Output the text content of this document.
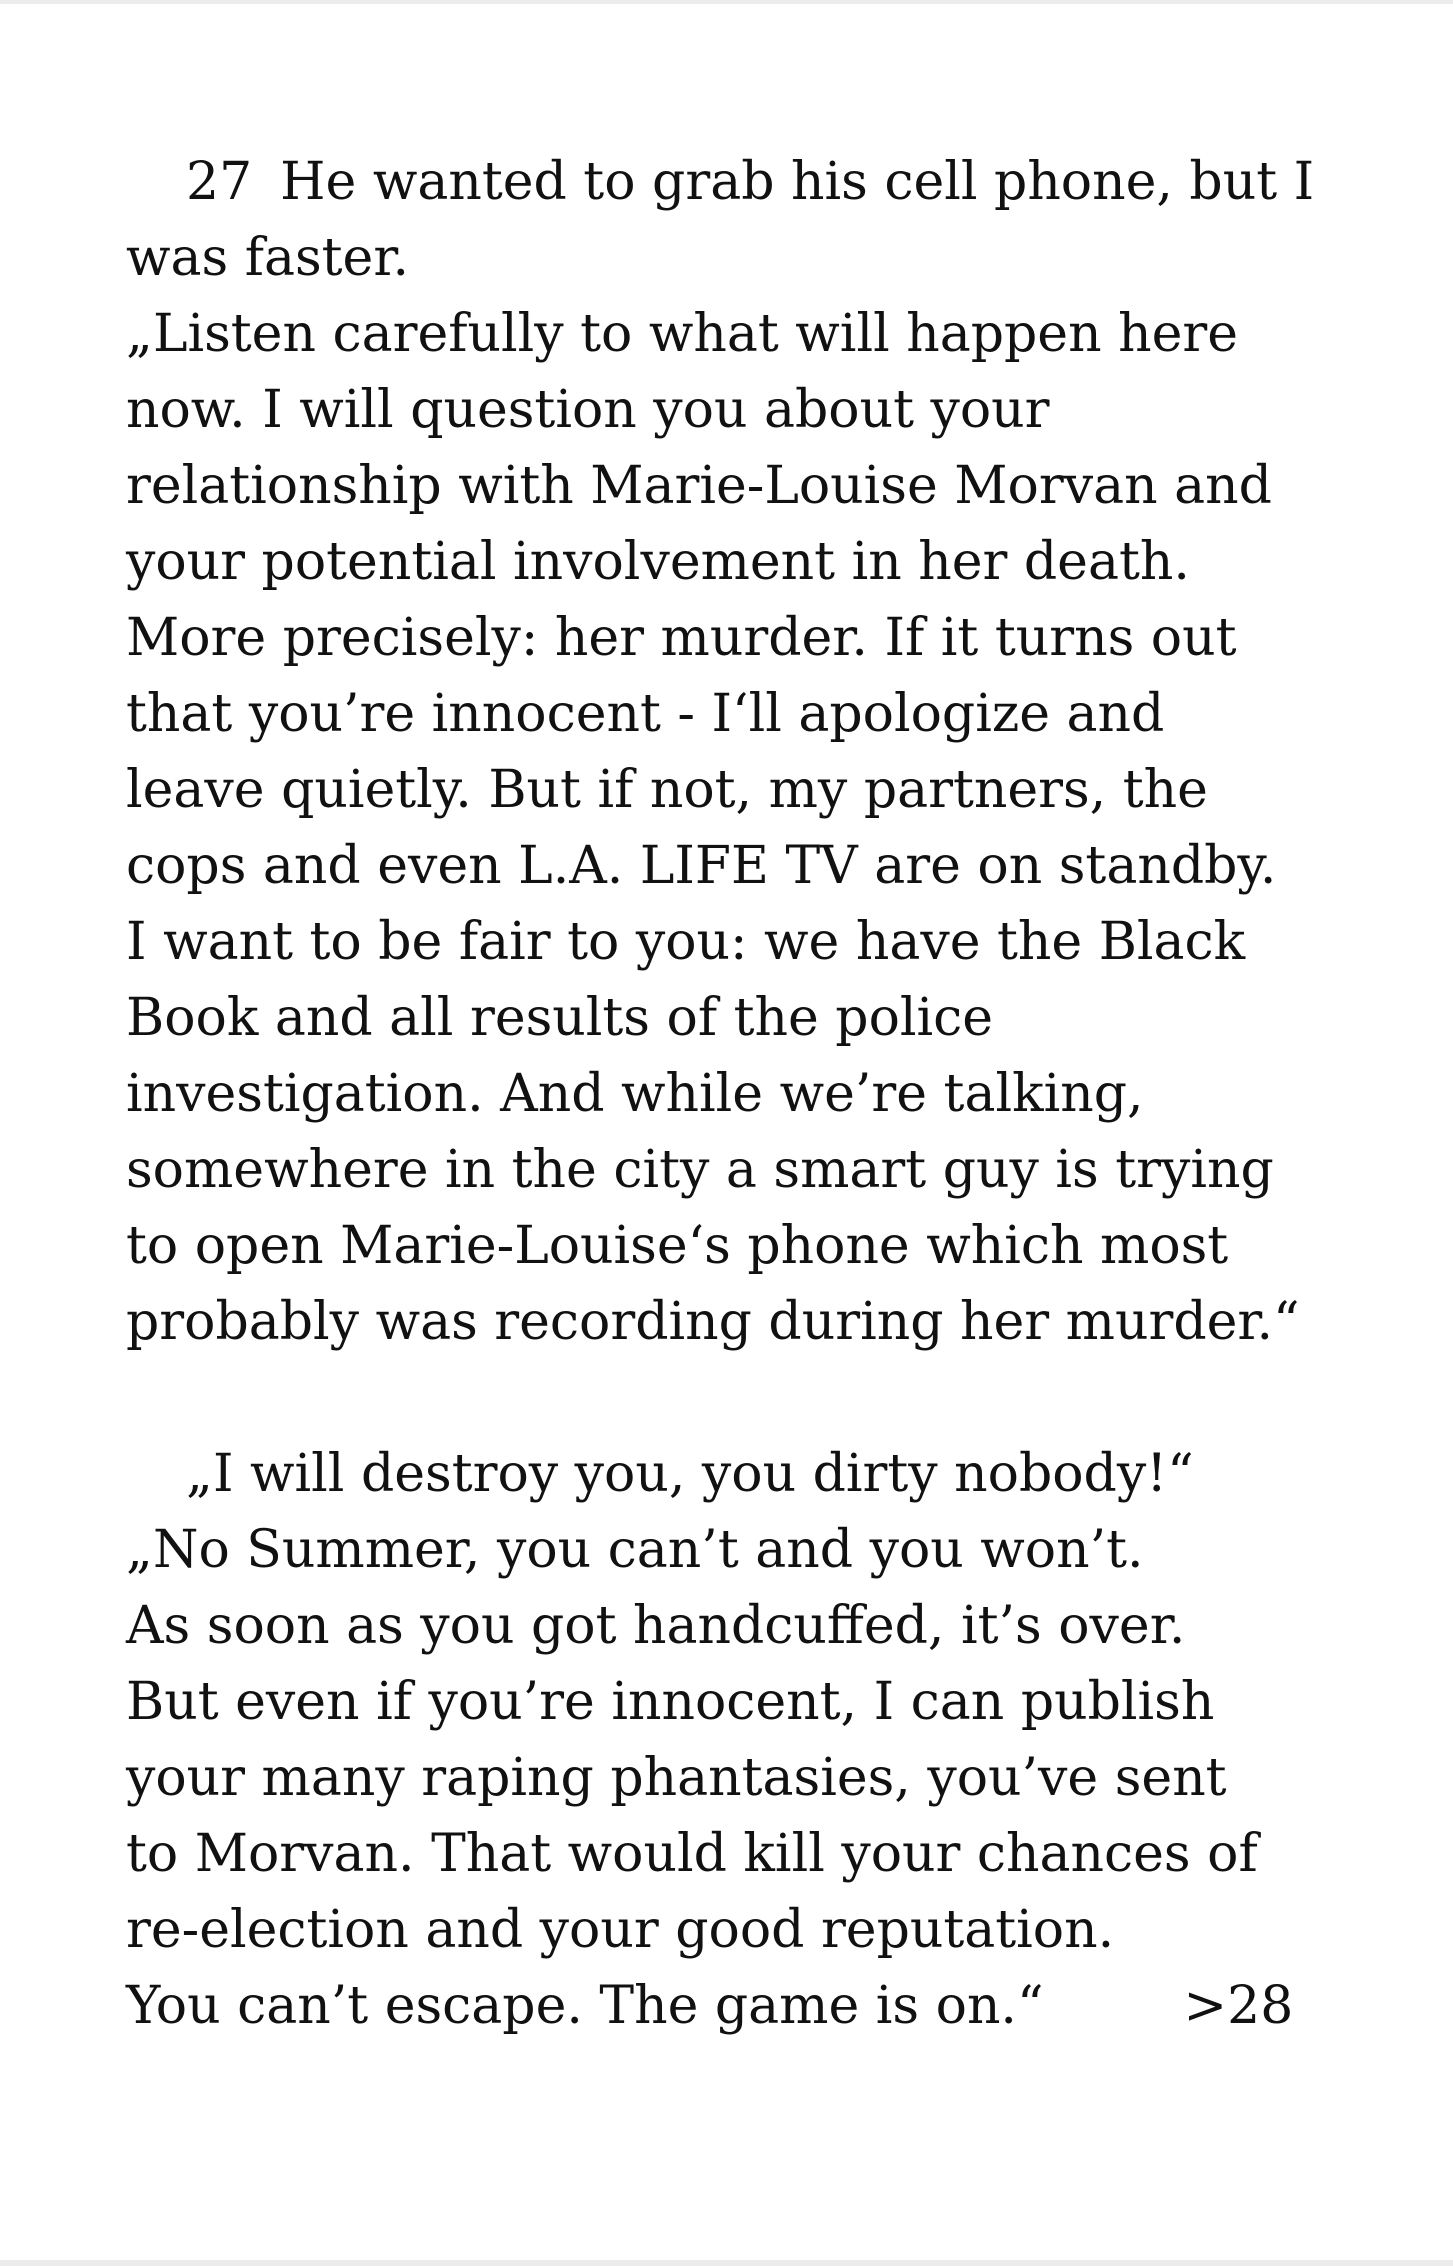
27 He wanted to grab his cell phone, but I
was faster.
„Listen carefully to what will happen here
now. I will question you about your
relationship with Marie-Louise Morvan and
your potential involvement in her death.
More precisely: her murder. If it turns out
that you’re innocent - I‘ll apologize and
leave quietly. But if not, my partners, the
cops and even L.A. LIFE TV are on standby.
I want to be fair to you: we have the Black
Book and all results of the police
investigation. And while we’re talking,
somewhere in the city a smart guy is trying
to open Marie-Louise‘s phone which most
probably was recording during her murder.“
„I will destroy you, you dirty nobody!“
„No Summer, you can’t and you won’t.
As soon as you got handcuffed, it’s over.
But even if you’re innocent, I can publish
your many raping phantasies, you’ve sent
to Morvan. That would kill your chances of
re-election and your good reputation.
You can’t escape. The game is on.“	>28
